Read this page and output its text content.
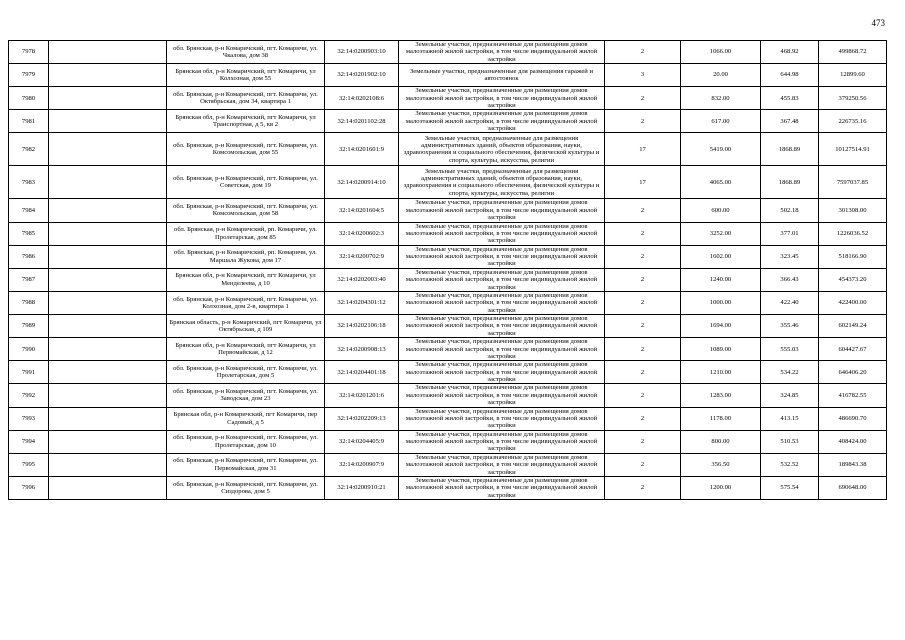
473
7978		обл. Брянская, р-н Комаричский, пгт. Комаричи, ул. Чкалова, дом 38	32:14:0200903:10	Земельные участки, предназначенные для размещения домов малоэтажной жилой застройки, в том числе индивидуальной жилой застройки	2	1066.00	468.92	499868.72
7979		Брянская обл, р-н Комаричский, пгт Комаричи, ул Колхозная, дом 55	32:14:0201902:10	Земельные участки, предназначенные для размещения гаражей и автостоянок	3	20.00	644.98	12899.60
7980		обл. Брянская, р-н Комаричский, пгт. Комаричи, ул. Октябрьская, дом 34, квартира 1	32:14:0202108:6	Земельные участки, предназначенные для размещения домов малоэтажной жилой застройки, в том числе индивидуальной жилой застройки	2	832.00	455.83	379250.56
7981		Брянская обл, р-н Комаричский, пгт Комаричи, ул Транспортная, д 5, кв 2	32:14:0201102:28	Земельные участки, предназначенные для размещения домов малоэтажной жилой застройки, в том числе индивидуальной жилой застройки	2	617.00	367.48	226735.16
7982		обл. Брянская, р-н Комаричский, пгт. Комаричи, ул. Комсомольская, дом 55	32:14:0201601:9	Земельные участки, предназначенные для размещения административных зданий, объектов образования, науки, здравоохранения и социального обеспечения, физической культуры и спорта, культуры, искусства, религии	17	5419.00	1868.89	10127514.91
7983		обл. Брянская, р-н Комаричский, пгт. Комаричи, ул. Советская, дом 19	32:14:0200914:10	Земельные участки, предназначенные для размещения административных зданий, объектов образования, науки, здравоохранения и социального обеспечения, физической культуры и спорта, культуры, искусства, религии	17	4065.00	1868.89	7597037.85
7984		обл. Брянская, р-н Комаричский, пгт. Комаричи, ул. Комсомольская, дом 58	32:14:0201604:5	Земельные участки, предназначенные для размещения домов малоэтажной жилой застройки, в том числе индивидуальной жилой застройки	2	600.00	502.18	301308.00
7985		обл. Брянская, р-н Комаричский, рп. Комаричи, ул. Пролетарская, дом 85	32:14:0200602:3	Земельные участки, предназначенные для размещения домов малоэтажной жилой застройки, в том числе индивидуальной жилой застройки	2	3252.00	377.01	1226036.52
7986		обл. Брянская, р-н Комаричский, рп. Комаричи, ул. Маршала Жукова, дом 17	32:14:0200702:9	Земельные участки, предназначенные для размещения домов малоэтажной жилой застройки, в том числе индивидуальной жилой застройки	2	1602.00	323.45	518166.90
7987		Брянская обл, р-н Комаричский, пгт Комаричи, ул Менделеева, д 10	32:14:0202003:40	Земельные участки, предназначенные для размещения домов малоэтажной жилой застройки, в том числе индивидуальной жилой застройки	2	1240.00	366.43	454373.20
7988		обл. Брянская, р-н Комаричский, пгт. Комаричи, ул. Колхозная, дом 2-в, квартира 1	32:14:0204301:12	Земельные участки, предназначенные для размещения домов малоэтажной жилой застройки, в том числе индивидуальной жилой застройки	2	1000.00	422.40	422400.00
7989		Брянская область, р-н Комаричский, пгт Комаричи, ул Октябрьская, д 109	32:14:0202106:18	Земельные участки, предназначенные для размещения домов малоэтажной жилой застройки, в том числе индивидуальной жилой застройки	2	1694.00	355.46	602149.24
7990		Брянская обл, р-н Комаричский, пгт Комаричи, ул Первомайская, д 12	32:14:0200908:13	Земельные участки, предназначенные для размещения домов малоэтажной жилой застройки, в том числе индивидуальной жилой застройки	2	1089.00	555.03	604427.67
7991		обл. Брянская, р-н Комаричский, пгт. Комаричи, ул. Пролетарская, дом 5	32:14:0204401:18	Земельные участки, предназначенные для размещения домов малоэтажной жилой застройки, в том числе индивидуальной жилой застройки	2	1210.00	534.22	646406.20
7992		обл. Брянская, р-н Комаричский, пгт. Комаричи, ул. Заводская, дом 23	32:14:0201201:6	Земельные участки, предназначенные для размещения домов малоэтажной жилой застройки, в том числе индивидуальной жилой застройки	2	1283.00	324.85	416782.55
7993		Брянская обл, р-н Комаричский, пгт Комаричи, пер Садовый, д 5	32:14:0202209:13	Земельные участки, предназначенные для размещения домов малоэтажной жилой застройки, в том числе индивидуальной жилой застройки	2	1178.00	413.15	486690.70
7994		обл. Брянская, р-н Комаричский, пгт. Комаричи, ул. Пролетарская, дом 10	32:14:0204405:9	Земельные участки, предназначенные для размещения домов малоэтажной жилой застройки, в том числе индивидуальной жилой застройки	2	800.00	510.53	408424.00
7995		обл. Брянская, р-н Комаричский, пгт. Комаричи, ул. Первомайская, дом 31	32:14:0200907:9	Земельные участки, предназначенные для размещения домов малоэтажной жилой застройки, в том числе индивидуальной жилой застройки	2	356.50	532.52	189843.38
7996		обл. Брянская, р-н Комаричский, пгт. Комаричи, ул. Сиздорова, дом 5	32:14:0200910:21	Земельные участки, предназначенные для размещения домов малоэтажной жилой застройки, в том числе индивидуальной жилой застройки	2	1200.00	575.54	690648.00
